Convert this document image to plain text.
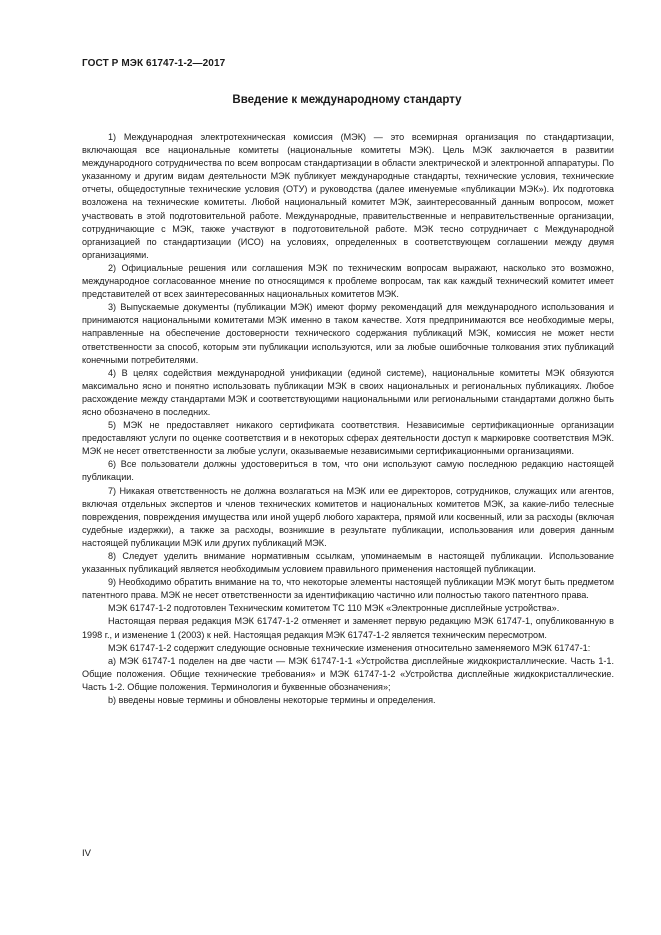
ГОСТ Р МЭК 61747-1-2—2017
Введение к международному стандарту

1) Международная электротехническая комиссия (МЭК) — это всемирная организация по стандартизации, включающая все национальные комитеты (национальные комитеты МЭК). Цель МЭК заключается в развитии международного сотрудничества по всем вопросам стандартизации в области электрической и электронной аппаратуры. По указанному и другим видам деятельности МЭК публикует международные стандарты, технические условия, технические отчеты, общедоступные технические условия (ОТУ) и руководства (далее именуемые «публикации МЭК»). Их подготовка возложена на технические комитеты. Любой национальный комитет МЭК, заинтересованный данным вопросом, может участвовать в этой подготовительной работе. Международные, правительственные и неправительственные организации, сотрудничающие с МЭК, также участвуют в подготовительной работе. МЭК тесно сотрудничает с Международной организацией по стандартизации (ИСО) на условиях, определенных в соответствующем соглашении между двумя организациями.

2) Официальные решения или соглашения МЭК по техническим вопросам выражают, насколько это возможно, международное согласованное мнение по относящимся к проблеме вопросам, так как каждый технический комитет имеет представителей от всех заинтересованных национальных комитетов МЭК.

3) Выпускаемые документы (публикации МЭК) имеют форму рекомендаций для международного использования и принимаются национальными комитетами МЭК именно в таком качестве. Хотя предпринимаются все необходимые меры, направленные на обеспечение достоверности технического содержания публикаций МЭК, комиссия не может нести ответственности за способ, которым эти публикации используются, или за любые ошибочные толкования этих публикаций конечными потребителями.

4) В целях содействия международной унификации (единой системе), национальные комитеты МЭК обязуются максимально ясно и понятно использовать публикации МЭК в своих национальных и региональных публикациях. Любое расхождение между стандартами МЭК и соответствующими национальными или региональными стандартами должно быть ясно обозначено в последних.

5) МЭК не предоставляет никакого сертификата соответствия. Независимые сертификационные организации предоставляют услуги по оценке соответствия и в некоторых сферах деятельности доступ к маркировке соответствия МЭК. МЭК не несет ответственности за любые услуги, оказываемые независимыми сертификационными организациями.

6) Все пользователи должны удостовериться в том, что они используют самую последнюю редакцию настоящей публикации.

7) Никакая ответственность не должна возлагаться на МЭК или ее директоров, сотрудников, служащих или агентов, включая отдельных экспертов и членов технических комитетов и национальных комитетов МЭК, за какие-либо телесные повреждения, повреждения имущества или иной ущерб любого характера, прямой или косвенный, или за расходы (включая судебные издержки), а также за расходы, возникшие в результате публикации, использования или доверия данным настоящей публикации МЭК или других публикаций МЭК.

8) Следует уделить внимание нормативным ссылкам, упоминаемым в настоящей публикации. Использование указанных публикаций является необходимым условием правильного применения настоящей публикации.

9) Необходимо обратить внимание на то, что некоторые элементы настоящей публикации МЭК могут быть предметом патентного права. МЭК не несет ответственности за идентификацию частично или полностью такого патентного права.

МЭК 61747-1-2 подготовлен Техническим комитетом ТС 110 МЭК «Электронные дисплейные устройства».

Настоящая первая редакция МЭК 61747-1-2 отменяет и заменяет первую редакцию МЭК 61747-1, опубликованную в 1998 г., и изменение 1 (2003) к ней. Настоящая редакция МЭК 61747-1-2 является техническим пересмотром.

МЭК 61747-1-2 содержит следующие основные технические изменения относительно заменяемого МЭК 61747-1:

a) МЭК 61747-1 поделен на две части — МЭК 61747-1-1 «Устройства дисплейные жидкокристаллические. Часть 1-1. Общие положения. Общие технические требования» и МЭК 61747-1-2 «Устройства дисплейные жидкокристаллические. Часть 1-2. Общие положения. Терминология и буквенные обозначения»;

b) введены новые термины и обновлены некоторые термины и определения.

IV
